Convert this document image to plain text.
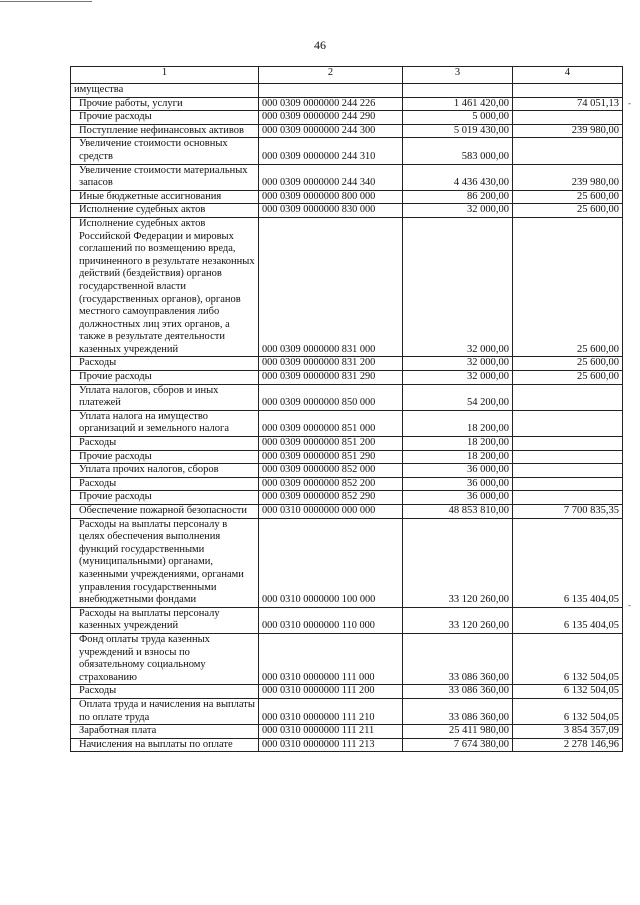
46
1	2	3	4
имущества			
Прочие работы, услуги	000 0309 0000000 244 226	1 461 420,00	74 051,13
Прочие расходы	000 0309 0000000 244 290	5 000,00	
Поступление нефинансовых активов	000 0309 0000000 244 300	5 019 430,00	239 980,00
Увеличение стоимости основных средств	000 0309 0000000 244 310	583 000,00	
Увеличение стоимости материальных запасов	000 0309 0000000 244 340	4 436 430,00	239 980,00
Иные бюджетные ассигнования	000 0309 0000000 800 000	86 200,00	25 600,00
Исполнение судебных актов	000 0309 0000000 830 000	32 000,00	25 600,00
Исполнение судебных актов Российской Федерации и мировых соглашений по возмещению вреда, причиненного в результате незаконных действий (бездействия) органов государственной власти (государственных органов), органов местного самоуправления либо должностных лиц этих органов, а также в результате деятельности казенных учреждений	000 0309 0000000 831 000	32 000,00	25 600,00
Расходы	000 0309 0000000 831 200	32 000,00	25 600,00
Прочие расходы	000 0309 0000000 831 290	32 000,00	25 600,00
Уплата налогов, сборов и иных платежей	000 0309 0000000 850 000	54 200,00	
Уплата налога на имущество организаций и земельного налога	000 0309 0000000 851 000	18 200,00	
Расходы	000 0309 0000000 851 200	18 200,00	
Прочие расходы	000 0309 0000000 851 290	18 200,00	
Уплата прочих налогов, сборов	000 0309 0000000 852 000	36 000,00	
Расходы	000 0309 0000000 852 200	36 000,00	
Прочие расходы	000 0309 0000000 852 290	36 000,00	
Обеспечение пожарной безопасности	000 0310 0000000 000 000	48 853 810,00	7 700 835,35
Расходы на выплаты персоналу в целях обеспечения выполнения функций государственными (муниципальными) органами, казенными учреждениями, органами управления государственными внебюджетными фондами	000 0310 0000000 100 000	33 120 260,00	6 135 404,05
Расходы на выплаты персоналу казенных учреждений	000 0310 0000000 110 000	33 120 260,00	6 135 404,05
Фонд оплаты труда казенных учреждений и взносы по обязательному социальному страхованию	000 0310 0000000 111 000	33 086 360,00	6 132 504,05
Расходы	000 0310 0000000 111 200	33 086 360,00	6 132 504,05
Оплата труда и начисления на выплаты по оплате труда	000 0310 0000000 111 210	33 086 360,00	6 132 504,05
Заработная плата	000 0310 0000000 111 211	25 411 980,00	3 854 357,09
Начисления на выплаты по оплате	000 0310 0000000 111 213	7 674 380,00	2 278 146,96
-
-
